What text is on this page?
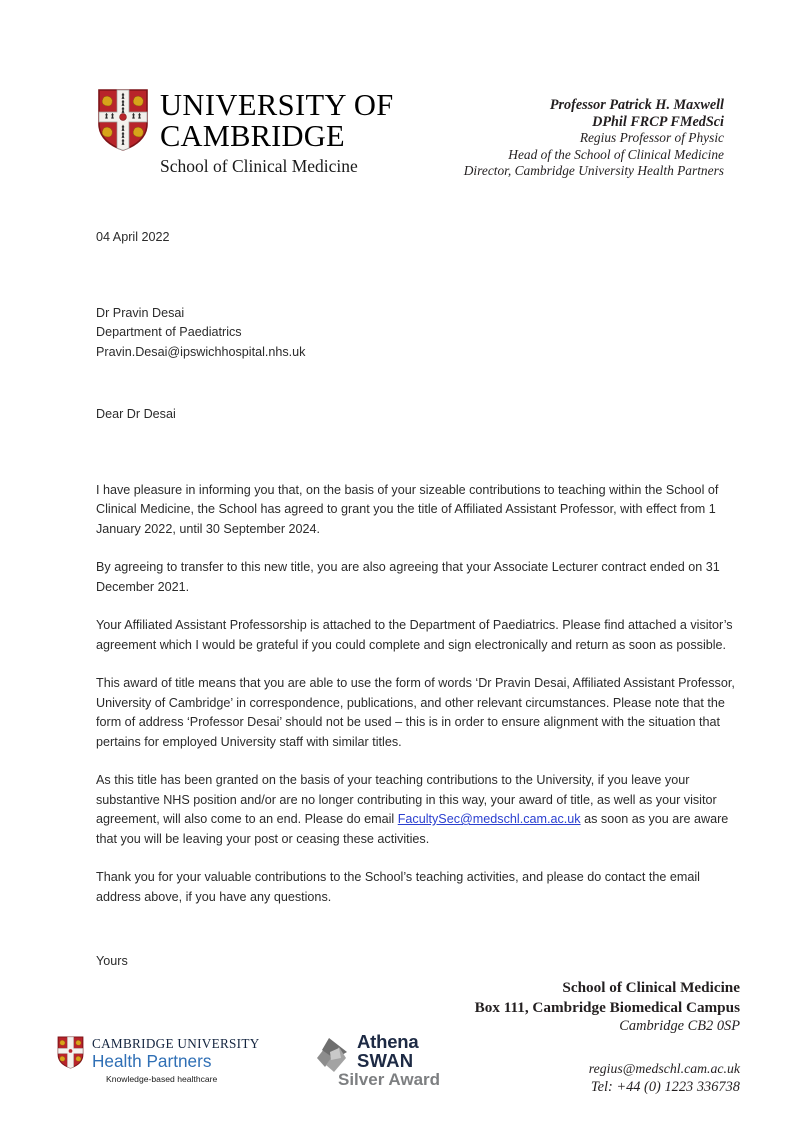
UNIVERSITY OF
CAMBRIDGE
School of Clinical Medicine
Professor Patrick H. Maxwell
DPhil FRCP FMedSci
Regius Professor of Physic
Head of the School of Clinical Medicine
Director, Cambridge University Health Partners
04 April 2022
Dr Pravin Desai
Department of Paediatrics
Pravin.Desai@ipswichhospital.nhs.uk
Dear Dr Desai

I have pleasure in informing you that, on the basis of your sizeable contributions to teaching within the School of Clinical Medicine, the School has agreed to grant you the title of Affiliated Assistant Professor, with effect from 1 January 2022, until 30 September 2024.

By agreeing to transfer to this new title, you are also agreeing that your Associate Lecturer contract ended on 31 December 2021.

Your Affiliated Assistant Professorship is attached to the Department of Paediatrics. Please find attached a visitor’s agreement which I would be grateful if you could complete and sign electronically and return as soon as possible.

This award of title means that you are able to use the form of words ‘Dr Pravin Desai, Affiliated Assistant Professor, University of Cambridge’ in correspondence, publications, and other relevant circumstances. Please note that the form of address ‘Professor Desai’ should not be used – this is in order to ensure alignment with the situation that pertains for employed University staff with similar titles.

As this title has been granted on the basis of your teaching contributions to the University, if you leave your substantive NHS position and/or are no longer contributing in this way, your award of title, as well as your visitor agreement, will also come to an end. Please do email FacultySec@medschl.cam.ac.uk as soon as you are aware that you will be leaving your post or ceasing these activities.

Thank you for your valuable contributions to the School’s teaching activities, and please do contact the email address above, if you have any questions.

Yours
School of Clinical Medicine
Box 111, Cambridge Biomedical Campus
Cambridge CB2 0SP
regius@medschl.cam.ac.uk
Tel: +44 (0) 1223 336738
CAMBRIDGE UNIVERSITY
Health Partners
Knowledge-based healthcare
Athena
SWAN
Silver Award
